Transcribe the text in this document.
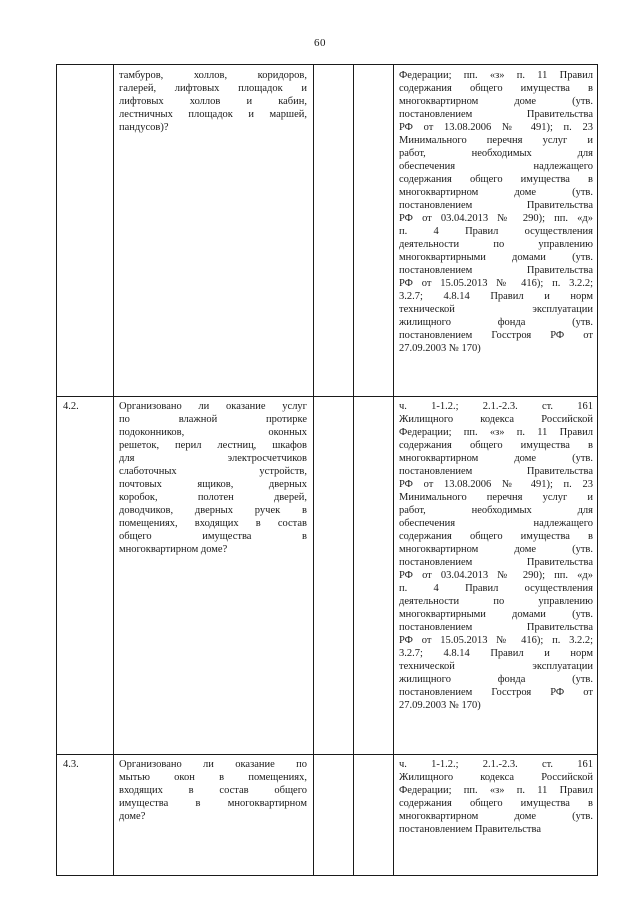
60
тамбуров, холлов, коридоров,
галерей, лифтовых площадок и
лифтовых холлов и кабин,
лестничных площадок и маршей,
пандусов)?
Федерации; пп. «з» п. 11 Правил
содержания общего имущества в
многоквартирном доме (утв.
постановлением Правительства
РФ от 13.08.2006 № 491); п. 23
Минимального перечня услуг и
работ, необходимых для
обеспечения надлежащего
содержания общего имущества в
многоквартирном доме (утв.
постановлением Правительства
РФ от 03.04.2013 № 290); пп. «д»
п. 4 Правил осуществления
деятельности по управлению
многоквартирными домами (утв.
постановлением Правительства
РФ от 15.05.2013 № 416); п. 3.2.2;
3.2.7; 4.8.14 Правил и норм
технической эксплуатации
жилищного фонда (утв.
постановлением Госстроя РФ от
27.09.2003 № 170)
4.2.	Организовано ли оказание услуг
по влажной протирке
подоконников, оконных
решеток, перил лестниц, шкафов
для электросчетчиков
слаботочных устройств,
почтовых ящиков, дверных
коробок, полотен дверей,
доводчиков, дверных ручек в
помещениях, входящих в состав
общего имущества в
многоквартирном доме?
ч. 1-1.2.; 2.1.-2.3. ст. 161
Жилищного кодекса Российской
Федерации; пп. «з» п. 11 Правил
содержания общего имущества в
многоквартирном доме (утв.
постановлением Правительства
РФ от 13.08.2006 № 491); п. 23
Минимального перечня услуг и
работ, необходимых для
обеспечения надлежащего
содержания общего имущества в
многоквартирном доме (утв.
постановлением Правительства
РФ от 03.04.2013 № 290); пп. «д»
п. 4 Правил осуществления
деятельности по управлению
многоквартирными домами (утв.
постановлением Правительства
РФ от 15.05.2013 № 416); п. 3.2.2;
3.2.7; 4.8.14 Правил и норм
технической эксплуатации
жилищного фонда (утв.
постановлением Госстроя РФ от
27.09.2003 № 170)
4.3.	Организовано ли оказание по
мытью окон в помещениях,
входящих в состав общего
имущества в многоквартирном
доме?
ч. 1-1.2.; 2.1.-2.3. ст. 161
Жилищного кодекса Российской
Федерации; пп. «з» п. 11 Правил
содержания общего имущества в
многоквартирном доме (утв.
постановлением Правительства
